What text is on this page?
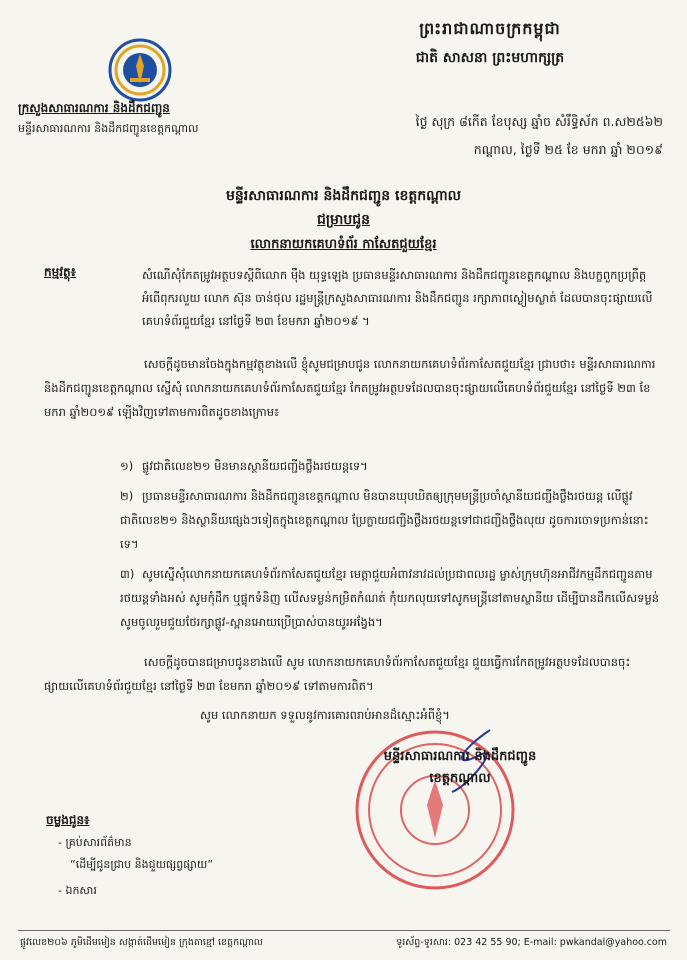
ក្រសួងសាធារណការ និងដឹកជញ្ជូន
មន្ទីរសាធារណការ និងដឹកជញ្ជូនខេត្តកណ្ដាល
ព្រះរាជាណាចក្រកម្ពុជា
ជាតិ សាសនា ព្រះមហាក្សត្រ
ថ្ងៃ សុក្រ ៨កើត ខែបុស្ស ឆ្នាំច សំរឹទ្ធិស័ក ព.ស២៥៦២
កណ្ដាល, ថ្ងៃទី ២៥ ខែ មករា ឆ្នាំ ២០១៩
មន្ទីរសាធារណការ និងដឹកជញ្ជូន ខេត្តកណ្ដាល
ជម្រាបជូន
លោកនាយកគេហទំព័រ កាសែតជួយខ្មែរ
កម្មវត្ថុ៖	សំណើសុំកែតម្រូវអត្ថបទស្ដីពីលោក ម៉ឹង យុទ្ធឡេង ប្រធានមន្ទីរសាធារណការ និងដឹកជញ្ជូនខេត្តកណ្ដាល និងបក្ខពួកប្រព្រឹត្តអំពើពុករលួយ លោក ស៊ុន ចាន់ថុល រដ្ឋមន្ត្រីក្រសួងសាធារណការ និងដឹកជញ្ជូន រក្សាភាពស្ងៀមស្ងាត់ ដែលបានចុះផ្សាយលើគេហទំព័រជួយខ្មែរ នៅថ្ងៃទី ២៣ ខែមករា ឆ្នាំ២០១៩ ។
សេចក្ដីដូចមានចែងក្នុងកម្មវត្ថុខាងលើ ខ្ញុំសូមជម្រាបជូន លោកនាយកគេហទំព័រកាសែតជួយខ្មែរ ជ្រាបថា៖ មន្ទីរសាធារណការ និងដឹកជញ្ជូនខេត្តកណ្ដាល ស្នើសុំ លោកនាយកគេហទំព័រកាសែតជួយខ្មែរ កែតម្រូវអត្ថបទដែលបានចុះផ្សាយលើគេហទំព័រជួយខ្មែរ នៅថ្ងៃទី ២៣ ខែមករា ឆ្នាំ២០១៩ ឡើងវិញទៅតាមការពិតដូចខាងក្រោម៖
១) ផ្លូវជាតិលេខ២១ មិនមានស្ថានីយជញ្ជីងថ្លឹងរថយន្តទេ។
២) ប្រធានមន្ទីរសាធារណការ និងដឹកជញ្ជូនខេត្តកណ្ដាល មិនបានឃុបឃិតឲ្យក្រុមមន្ត្រីប្រចាំស្ថានីយជញ្ជីងថ្លឹងរថយន្ត លើផ្លូវជាតិលេខ២១ និងស្ថានីយផ្សេងៗទៀតក្នុងខេត្តកណ្ដាល ប្រែក្លាយជញ្ជីងថ្លឹងរថយន្តទៅជាជញ្ជីងថ្លឹងលុយ ដូចការចោទប្រកាន់នោះទេ។
៣) សូមស្នើសុំលោកនាយកគេហទំព័រកាសែតជួយខ្មែរ មេត្តាជួយអំពាវនាវដល់ប្រជាពលរដ្ឋ ម្ចាស់ក្រុមហ៊ុនអាជីវកម្មដឹកជញ្ជូនតាមរថយន្តទាំងអស់ សូមកុំដឹក ឬផ្ទុកទំនិញ លើសទម្ងន់កម្រិតកំណត់ កុំយកលុយទៅសូកមន្ត្រីនៅតាមស្ថានីយ ដើម្បីបានដឹកលើសទម្ងន់ សូមចូលរួមជួយថែរក្សាផ្លូវ-ស្ពានអោយប្រើប្រាស់បានយូរអង្វែង។
សេចក្ដីដូចបានជម្រាបជូនខាងលើ សូម លោកនាយកគេហទំព័រកាសែតជួយខ្មែរ ជួយធ្វើការកែតម្រូវអត្ថបទដែលបានចុះផ្សាយលើគេហទំព័រជួយខ្មែរ នៅថ្ងៃទី ២៣ ខែមករា ឆ្នាំ២០១៩ ទៅតាមការពិត។
សូម លោកនាយក ទទួលនូវការគោរពរាប់អានដ៏ស្មោះអំពីខ្ញុំ។
មន្ទីរសាធារណការ និងដឹកជញ្ជូន
ខេត្តកណ្ដាល
ចម្លងជូន៖
- គ្រប់សារព័ត៌មាន
“ដើម្បីជូនជ្រាប និងជួយផ្សព្វផ្សាយ”
- ឯកសារ
ផ្លូវលេខ២០៦ ភូមិដើមមៀន សង្កាត់ដើមមៀន ក្រុងតាខ្មៅ ខេត្តកណ្ដាល	ទូរស័ព្ទ-ទូរសារ: 023 42 55 90; E-mail: pwkandal@yahoo.com
